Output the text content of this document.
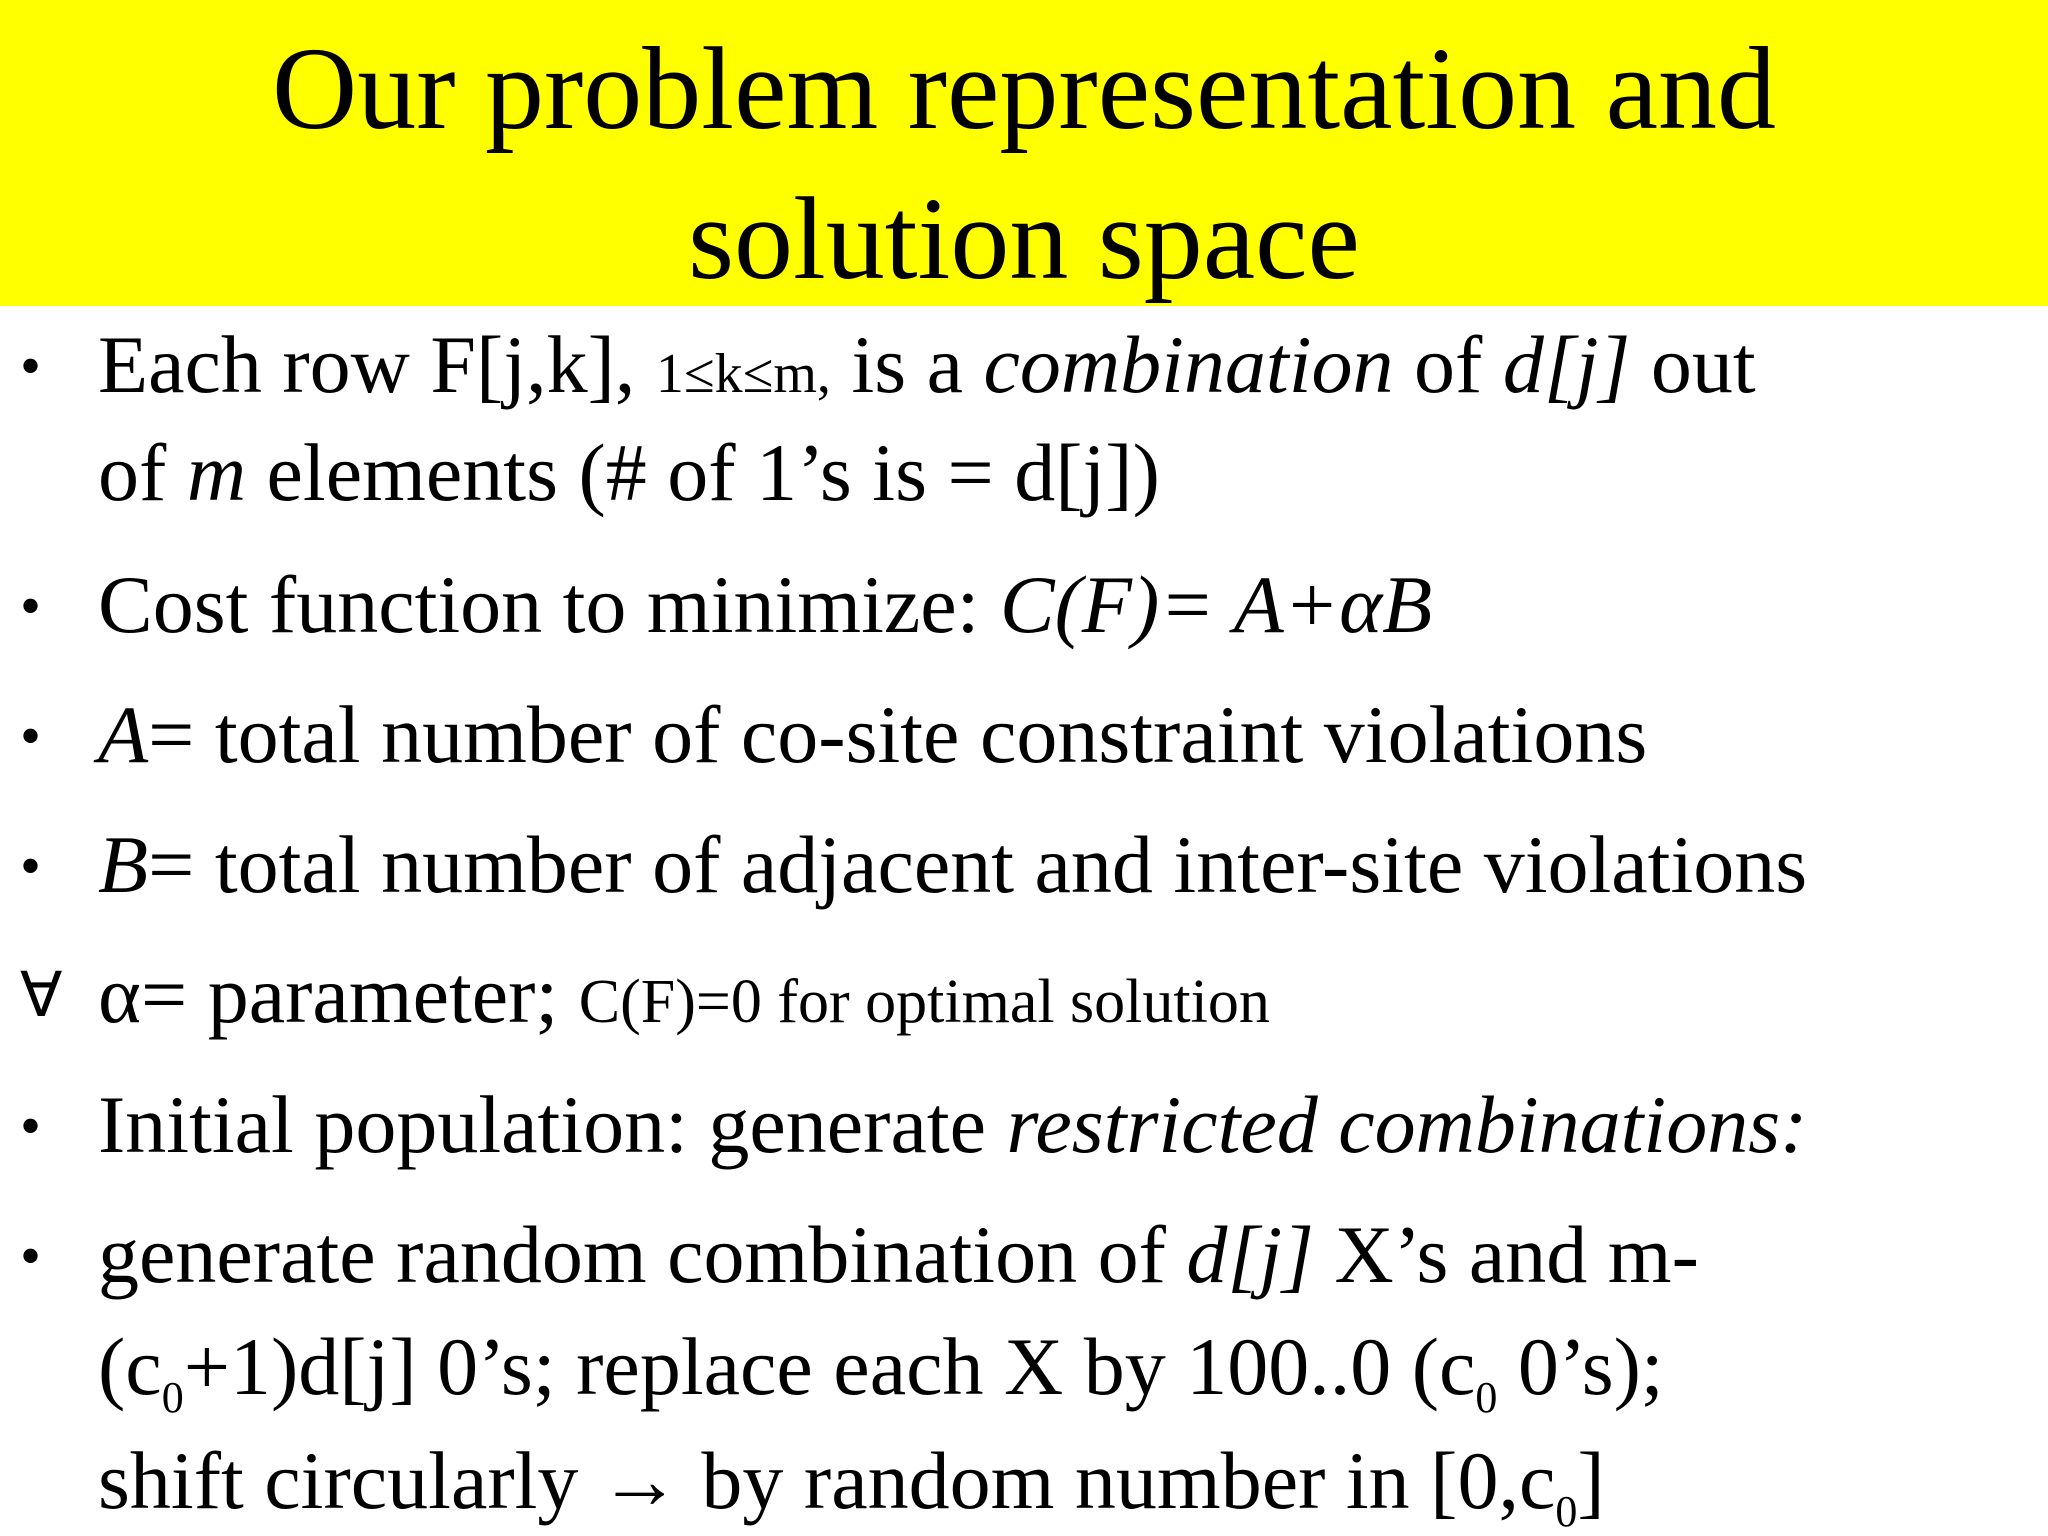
Our problem representation and
solution space
• Each row F[j,k], 1≤k≤m, is a combination of d[j] out
of m elements (# of 1’s is = d[j])
• Cost function to minimize: C(F)= A+αB
• A= total number of co-site constraint violations
• B= total number of adjacent and inter-site violations
∀ α= parameter; C(F)=0 for optimal solution
• Initial population: generate restricted combinations:
• generate random combination of d[j] X’s and m-
$(c_0+1)d[j]$ 0’s; replace each X by 100..0 ($c_0$ 0’s);
shift circularly → by random number in $[0,c_0]$
